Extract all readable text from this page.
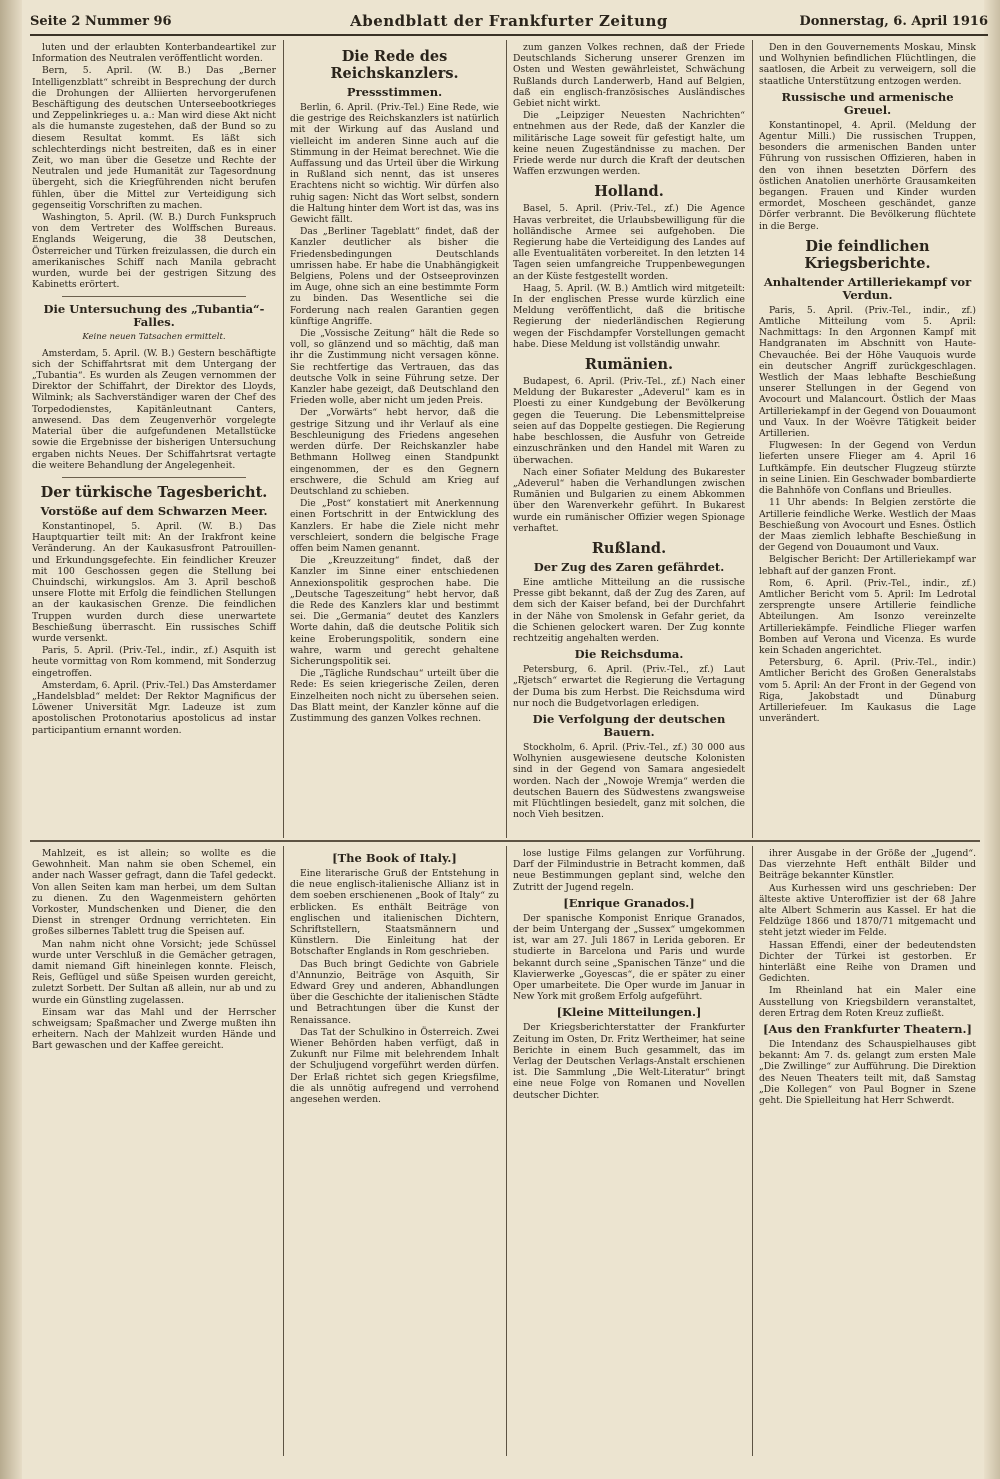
Seite 2 Nummer 96	Abendblatt der Frankfurter Zeitung	Donnerstag, 6. April 1916

luten und der erlaubten Konterbandeartikel zur Information des Neutralen veröffentlicht worden.

Bern, 5. April. (W. B.) Das „Berner Intelligenzblatt“ schreibt in Besprechung der durch die Drohungen der Alliierten hervorgerufenen Beschäftigung des deutschen Unterseebootkrieges und Zeppelinkrieges u. a.: Man wird diese Akt nicht als die humanste zugestehen, daß der Bund so zu diesem Resultat kommt. Es läßt sich schlechterdings nicht bestreiten, daß es in einer Zeit, wo man über die Gesetze und Rechte der Neutralen und jede Humanität zur Tagesordnung übergeht, sich die Kriegführenden nicht berufen fühlen, über die Mittel zur Verteidigung sich gegenseitig Vorschriften zu machen.

Washington, 5. April. (W. B.) Durch Funkspruch von dem Vertreter des Wolffschen Bureaus. Englands Weigerung, die 38 Deutschen, Österreicher und Türken freizulassen, die durch ein amerikanisches Schiff nach Manila gebracht wurden, wurde bei der gestrigen Sitzung des Kabinetts erörtert.

Die Untersuchung des „Tubantia“-Falles.
Keine neuen Tatsachen ermittelt.

Amsterdam, 5. April. (W. B.) Gestern beschäftigte sich der Schiffahrtsrat mit dem Untergang der „Tubantia“. Es wurden als Zeugen vernommen der Direktor der Schiffahrt, der Direktor des Lloyds, Wilmink; als Sachverständiger waren der Chef des Torpedodienstes, Kapitänleutnant Canters, anwesend. Das dem Zeugenverhör vorgelegte Material über die aufgefundenen Metallstücke sowie die Ergebnisse der bisherigen Untersuchung ergaben nichts Neues. Der Schiffahrtsrat vertagte die weitere Behandlung der Angelegenheit.

Der türkische Tagesbericht.
Vorstöße auf dem Schwarzen Meer.

Konstantinopel, 5. April. (W. B.) Das Hauptquartier teilt mit: An der Irakfront keine Veränderung. An der Kaukasusfront Patrouillen- und Erkundungsgefechte. Ein feindlicher Kreuzer mit 100 Geschossen gegen die Stellung bei Chuindschi, wirkungslos. Am 3. April beschoß unsere Flotte mit Erfolg die feindlichen Stellungen an der kaukasischen Grenze. Die feindlichen Truppen wurden durch diese unerwartete Beschießung überrascht. Ein russisches Schiff wurde versenkt.

Paris, 5. April. (Priv.-Tel., indir., zf.) Asquith ist heute vormittag von Rom kommend, mit Sonderzug eingetroffen.

Amsterdam, 6. April. (Priv.-Tel.) Das Amsterdamer „Handelsblad“ meldet: Der Rektor Magnificus der Löwener Universität Mgr. Ladeuze ist zum apostolischen Protonotarius apostolicus ad instar participantium ernannt worden.

Die Rede des Reichskanzlers.
Pressstimmen.

Berlin, 6. April. (Priv.-Tel.) Eine Rede, wie die gestrige des Reichskanzlers ist natürlich mit der Wirkung auf das Ausland und vielleicht im anderen Sinne auch auf die Stimmung in der Heimat berechnet. Wie die Auffassung und das Urteil über die Wirkung in Rußland sich nennt, das ist unseres Erachtens nicht so wichtig. Wir dürfen also ruhig sagen: Nicht das Wort selbst, sondern die Haltung hinter dem Wort ist das, was ins Gewicht fällt.

Das „Berliner Tageblatt“ findet, daß der Kanzler deutlicher als bisher die Friedensbedingungen Deutschlands umrissen habe. Er habe die Unabhängigkeit Belgiens, Polens und der Ostseeprovinzen im Auge, ohne sich an eine bestimmte Form zu binden. Das Wesentliche sei die Forderung nach realen Garantien gegen künftige Angriffe.

Die „Vossische Zeitung“ hält die Rede so voll, so glänzend und so mächtig, daß man ihr die Zustimmung nicht versagen könne. Sie rechtfertige das Vertrauen, das das deutsche Volk in seine Führung setze. Der Kanzler habe gezeigt, daß Deutschland den Frieden wolle, aber nicht um jeden Preis.

Der „Vorwärts“ hebt hervor, daß die gestrige Sitzung und ihr Verlauf als eine Beschleunigung des Friedens angesehen werden dürfe. Der Reichskanzler habe Bethmann Hollweg einen Standpunkt eingenommen, der es den Gegnern erschwere, die Schuld am Krieg auf Deutschland zu schieben.

Die „Post“ konstatiert mit Anerkennung einen Fortschritt in der Entwicklung des Kanzlers. Er habe die Ziele nicht mehr verschleiert, sondern die belgische Frage offen beim Namen genannt.

Die „Kreuzzeitung“ findet, daß der Kanzler im Sinne einer entschiedenen Annexionspolitik gesprochen habe. Die „Deutsche Tageszeitung“ hebt hervor, daß die Rede des Kanzlers klar und bestimmt sei. Die „Germania“ deutet des Kanzlers Worte dahin, daß die deutsche Politik sich keine Eroberungspolitik, sondern eine wahre, warm und gerecht gehaltene Sicherungspolitik sei.

Die „Tägliche Rundschau“ urteilt über die Rede: Es seien kriegerische Zeilen, deren Einzelheiten noch nicht zu übersehen seien. Das Blatt meint, der Kanzler könne auf die Zustimmung des ganzen Volkes rechnen.

zum ganzen Volkes rechnen, daß der Friede Deutschlands Sicherung unserer Grenzen im Osten und Westen gewährleistet, Schwächung Rußlands durch Landerwerb, Hand auf Belgien, daß ein englisch-französisches Ausländisches Gebiet nicht wirkt.

Die „Leipziger Neuesten Nachrichten“ entnehmen aus der Rede, daß der Kanzler die militärische Lage soweit für gefestigt halte, um keine neuen Zugeständnisse zu machen. Der Friede werde nur durch die Kraft der deutschen Waffen erzwungen werden.

Holland.

Basel, 5. April. (Priv.-Tel., zf.) Die Agence Havas verbreitet, die Urlaubsbewilligung für die holländische Armee sei aufgehoben. Die Regierung habe die Verteidigung des Landes auf alle Eventualitäten vorbereitet. In den letzten 14 Tagen seien umfangreiche Truppenbewegungen an der Küste festgestellt worden.

Haag, 5. April. (W. B.) Amtlich wird mitgeteilt: In der englischen Presse wurde kürzlich eine Meldung veröffentlicht, daß die britische Regierung der niederländischen Regierung wegen der Fischdampfer Vorstellungen gemacht habe. Diese Meldung ist vollständig unwahr.

Rumänien.

Budapest, 6. April. (Priv.-Tel., zf.) Nach einer Meldung der Bukarester „Adeverul“ kam es in Ploesti zu einer Kundgebung der Bevölkerung gegen die Teuerung. Die Lebensmittelpreise seien auf das Doppelte gestiegen. Die Regierung habe beschlossen, die Ausfuhr von Getreide einzuschränken und den Handel mit Waren zu überwachen.

Nach einer Sofiater Meldung des Bukarester „Adeverul“ haben die Verhandlungen zwischen Rumänien und Bulgarien zu einem Abkommen über den Warenverkehr geführt. In Bukarest wurde ein rumänischer Offizier wegen Spionage verhaftet.

Rußland.
Der Zug des Zaren gefährdet.

Eine amtliche Mitteilung an die russische Presse gibt bekannt, daß der Zug des Zaren, auf dem sich der Kaiser befand, bei der Durchfahrt in der Nähe von Smolensk in Gefahr geriet, da die Schienen gelockert waren. Der Zug konnte rechtzeitig angehalten werden.

Die Reichsduma.

Petersburg, 6. April. (Priv.-Tel., zf.) Laut „Rjetsch“ erwartet die Regierung die Vertagung der Duma bis zum Herbst. Die Reichsduma wird nur noch die Budgetvorlagen erledigen.

Die Verfolgung der deutschen Bauern.

Stockholm, 6. April. (Priv.-Tel., zf.) 30 000 aus Wolhynien ausgewiesene deutsche Kolonisten sind in der Gegend von Samara angesiedelt worden. Nach der „Nowoje Wremja“ werden die deutschen Bauern des Südwestens zwangsweise mit Flüchtlingen besiedelt, ganz mit solchen, die noch Vieh besitzen.

Den in den Gouvernements Moskau, Minsk und Wolhynien befindlichen Flüchtlingen, die saatlosen, die Arbeit zu verweigern, soll die staatliche Unterstützung entzogen werden.

Russische und armenische Greuel.

Konstantinopel, 4. April. (Meldung der Agentur Milli.) Die russischen Truppen, besonders die armenischen Banden unter Führung von russischen Offizieren, haben in den von ihnen besetzten Dörfern des östlichen Anatolien unerhörte Grausamkeiten begangen. Frauen und Kinder wurden ermordet, Moscheen geschändet, ganze Dörfer verbrannt. Die Bevölkerung flüchtete in die Berge.

Die feindlichen Kriegsberichte.
Anhaltender Artilleriekampf vor Verdun.

Paris, 5. April. (Priv.-Tel., indir., zf.) Amtliche Mitteilung vom 5. April: Nachmittags: In den Argonnen Kampf mit Handgranaten im Abschnitt von Haute-Chevauchée. Bei der Höhe Vauquois wurde ein deutscher Angriff zurückgeschlagen. Westlich der Maas lebhafte Beschießung unserer Stellungen in der Gegend von Avocourt und Malancourt. Östlich der Maas Artilleriekampf in der Gegend von Douaumont und Vaux. In der Woëvre Tätigkeit beider Artillerien.

Flugwesen: In der Gegend von Verdun lieferten unsere Flieger am 4. April 16 Luftkämpfe. Ein deutscher Flugzeug stürzte in seine Linien. Ein Geschwader bombardierte die Bahnhöfe von Conflans und Brieulles.

11 Uhr abends: In Belgien zerstörte die Artillerie feindliche Werke. Westlich der Maas Beschießung von Avocourt und Esnes. Östlich der Maas ziemlich lebhafte Beschießung in der Gegend von Douaumont und Vaux.

Belgischer Bericht: Der Artilleriekampf war lebhaft auf der ganzen Front.

Rom, 6. April. (Priv.-Tel., indir., zf.) Amtlicher Bericht vom 5. April: Im Ledrotal zersprengte unsere Artillerie feindliche Abteilungen. Am Isonzo vereinzelte Artilleriekämpfe. Feindliche Flieger warfen Bomben auf Verona und Vicenza. Es wurde kein Schaden angerichtet.

Petersburg, 6. April. (Priv.-Tel., indir.) Amtlicher Bericht des Großen Generalstabs vom 5. April: An der Front in der Gegend von Riga, Jakobstadt und Dünaburg Artilleriefeuer. Im Kaukasus die Lage unverändert.

Mahlzeit, es ist allein; so wollte es die Gewohnheit. Man nahm sie oben Schemel, ein ander nach Wasser gefragt, dann die Tafel gedeckt. Von allen Seiten kam man herbei, um dem Sultan zu dienen. Zu den Wagenmeistern gehörten Vorkoster, Mundschenken und Diener, die den Dienst in strenger Ordnung verrichteten. Ein großes silbernes Tablett trug die Speisen auf.

Man nahm nicht ohne Vorsicht; jede Schüssel wurde unter Verschluß in die Gemächer getragen, damit niemand Gift hineinlegen konnte. Fleisch, Reis, Geflügel und süße Speisen wurden gereicht, zuletzt Sorbett. Der Sultan aß allein, nur ab und zu wurde ein Günstling zugelassen.

Einsam war das Mahl und der Herrscher schweigsam; Spaßmacher und Zwerge mußten ihn erheitern. Nach der Mahlzeit wurden Hände und Bart gewaschen und der Kaffee gereicht.

[The Book of Italy.]

Eine literarische Gruß der Entstehung in die neue englisch-italienische Allianz ist in dem soeben erschienenen „Book of Italy“ zu erblicken. Es enthält Beiträge von englischen und italienischen Dichtern, Schriftstellern, Staatsmännern und Künstlern. Die Einleitung hat der Botschafter Englands in Rom geschrieben.

Das Buch bringt Gedichte von Gabriele d'Annunzio, Beiträge von Asquith, Sir Edward Grey und anderen, Abhandlungen über die Geschichte der italienischen Städte und Betrachtungen über die Kunst der Renaissance.

Das Tat der Schulkino in Österreich. Zwei Wiener Behörden haben verfügt, daß in Zukunft nur Filme mit belehrendem Inhalt der Schuljugend vorgeführt werden dürfen. Der Erlaß richtet sich gegen Kriegsfilme, die als unnötig aufregend und verrohend angesehen werden.

lose lustige Films gelangen zur Vorführung. Darf der Filmindustrie in Betracht kommen, daß neue Bestimmungen geplant sind, welche den Zutritt der Jugend regeln.

[Enrique Granados.]

Der spanische Komponist Enrique Granados, der beim Untergang der „Sussex“ umgekommen ist, war am 27. Juli 1867 in Lerida geboren. Er studierte in Barcelona und Paris und wurde bekannt durch seine „Spanischen Tänze“ und die Klavierwerke „Goyescas“, die er später zu einer Oper umarbeitete. Die Oper wurde im Januar in New York mit großem Erfolg aufgeführt.

[Kleine Mitteilungen.]

Der Kriegsberichterstatter der Frankfurter Zeitung im Osten, Dr. Fritz Wertheimer, hat seine Berichte in einem Buch gesammelt, das im Verlag der Deutschen Verlags-Anstalt erschienen ist. Die Sammlung „Die Welt-Literatur“ bringt eine neue Folge von Romanen und Novellen deutscher Dichter.

ihrer Ausgabe in der Größe der „Jugend“. Das vierzehnte Heft enthält Bilder und Beiträge bekannter Künstler.

Aus Kurhessen wird uns geschrieben: Der älteste aktive Unteroffizier ist der 68 Jahre alte Albert Schmerin aus Kassel. Er hat die Feldzüge 1866 und 1870/71 mitgemacht und steht jetzt wieder im Felde.

Hassan Effendi, einer der bedeutendsten Dichter der Türkei ist gestorben. Er hinterläßt eine Reihe von Dramen und Gedichten.

Im Rheinland hat ein Maler eine Ausstellung von Kriegsbildern veranstaltet, deren Ertrag dem Roten Kreuz zufließt.

[Aus den Frankfurter Theatern.]

Die Intendanz des Schauspielhauses gibt bekannt: Am 7. ds. gelangt zum ersten Male „Die Zwillinge“ zur Aufführung. Die Direktion des Neuen Theaters teilt mit, daß Samstag „Die Kollegen“ von Paul Bogner in Szene geht. Die Spielleitung hat Herr Schwerdt.
